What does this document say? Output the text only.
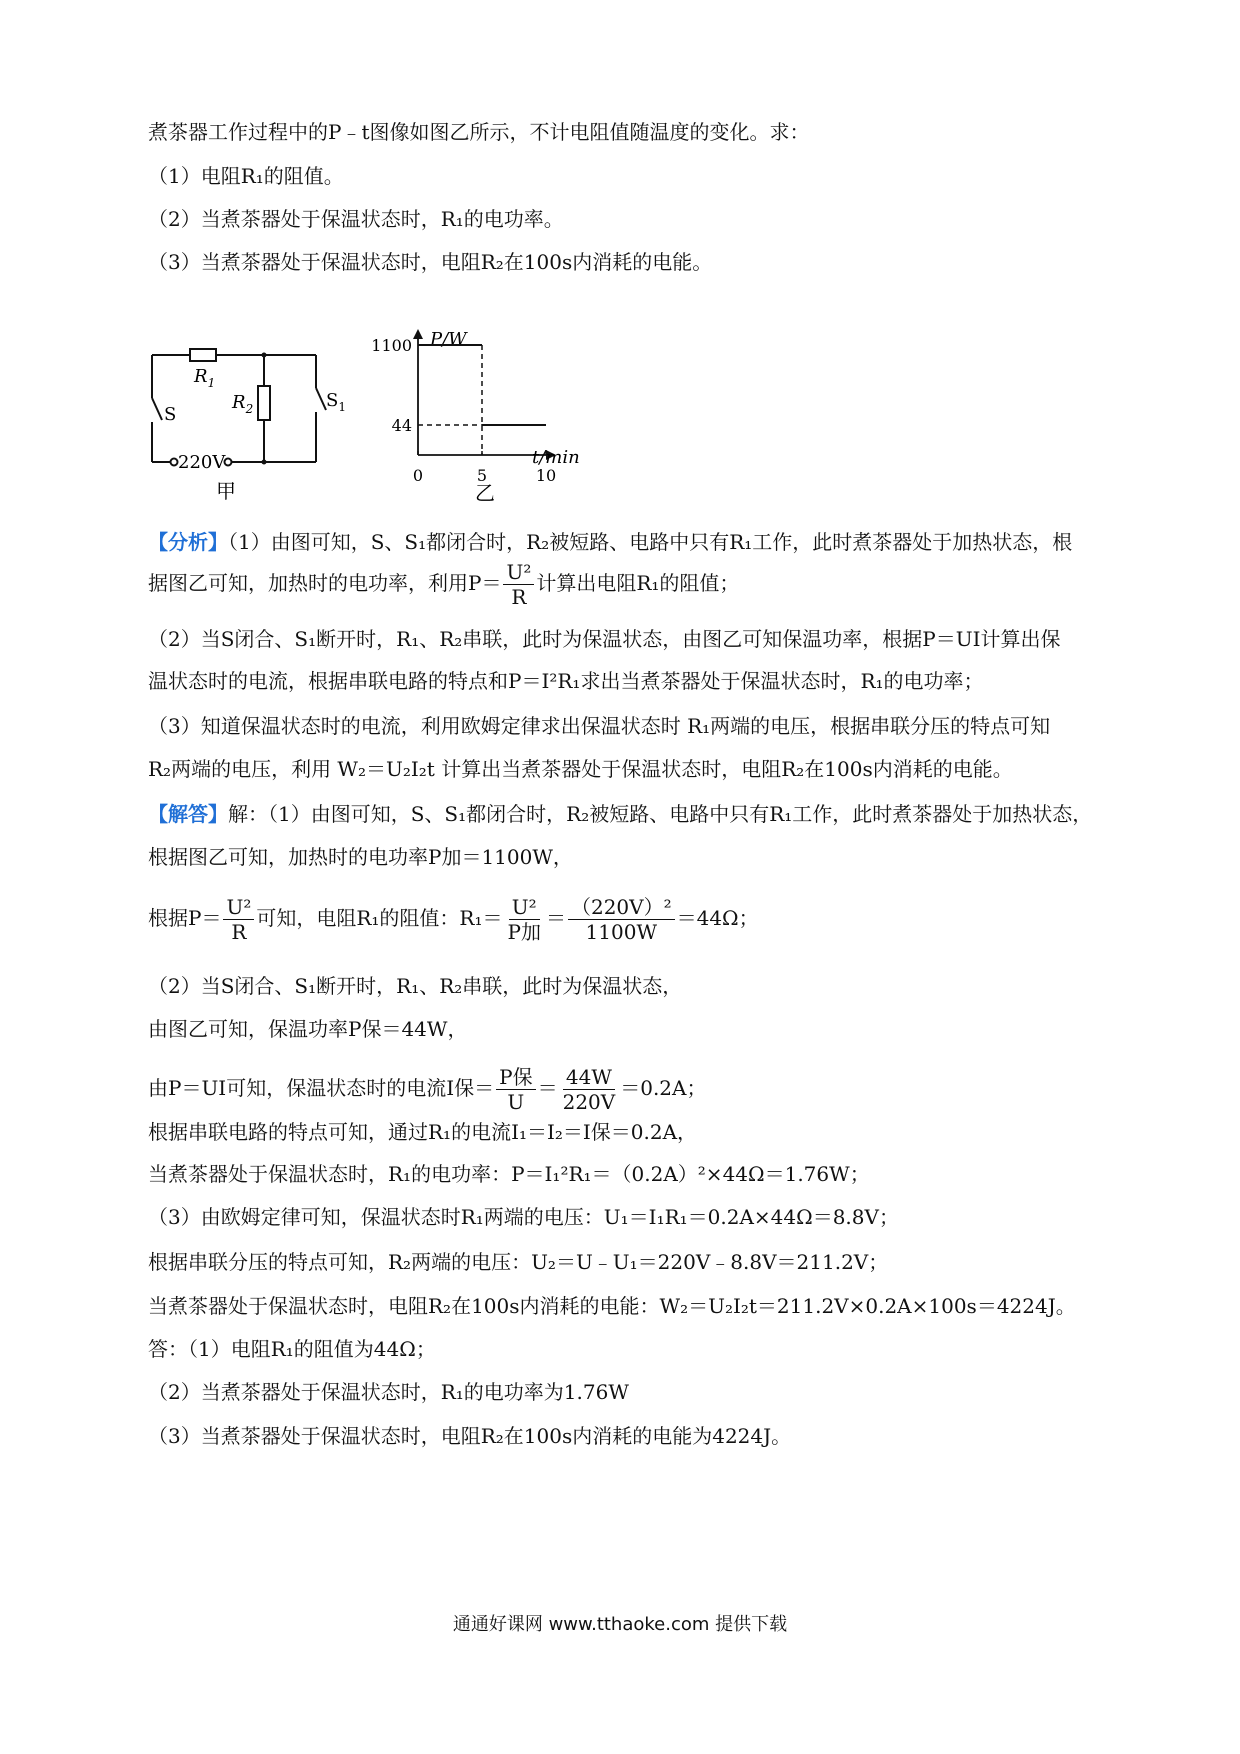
煮茶器工作过程中的P﹣t图像如图乙所示，不计电阻值随温度的变化。求：
（1）电阻R₁的阻值。
（2）当煮茶器处于保温状态时，R₁的电功率。
（3）当煮茶器处于保温状态时，电阻R₂在100s内消耗的电能。
$R_1$
$R_2$
S
$S_1$
220V
甲
P/W
t/min
44
1100
0	5	10
乙
【分析】（1）由图可知，S、S₁都闭合时，R₂被短路、电路中只有R₁工作，此时煮茶器处于加热状态，根
据图乙可知，加热时的电功率，利用$P= \frac{\text{U²}}{R}$ 计算出电阻R₁的阻值；
（2）当S闭合、S₁断开时，R₁、R₂串联，此时为保温状态，由图乙可知保温功率，根据P＝UI计算出保
温状态时的电流，根据串联电路的特点和P＝I²R₁求出当煮茶器处于保温状态时，R₁的电功率；
（3）知道保温状态时的电流，利用欧姆定律求出保温状态时 R₁两端的电压，根据串联分压的特点可知
R₂两端的电压，利用 W₂＝U₂I₂t 计算出当煮茶器处于保温状态时，电阻R₂在100s内消耗的电能。
【解答】解：（1）由图可知，S、S₁都闭合时，R₂被短路、电路中只有R₁工作，此时煮茶器处于加热状态，
根据图乙可知，加热时的电功率P加＝1100W，
根据$P= \frac{\text{U²}}{R}$ 可知，电阻R₁的阻值：$R_1= \frac{\text{U²}}{\text{P加}} = \frac{\text{（220V）²}}{1100W} =44\Omega$；
（2）当S闭合、S₁断开时，R₁、R₂串联，此时为保温状态，
由图乙可知，保温功率P保＝44W，
由P＝UI可知，保温状态时的电流I保＝ $\frac{\text{P保}}{U} = \frac{44W}{220V} =0.2A$；
根据串联电路的特点可知，通过R₁的电流I₁＝I₂＝I保＝0.2A，
当煮茶器处于保温状态时，R₁的电功率：P＝I₁²R₁＝（0.2A）²×44Ω＝1.76W；
（3）由欧姆定律可知，保温状态时R₁两端的电压：U₁＝I₁R₁＝0.2A×44Ω＝8.8V；
根据串联分压的特点可知，R₂两端的电压：U₂＝U﹣U₁＝220V﹣8.8V＝211.2V；
当煮茶器处于保温状态时，电阻R₂在100s内消耗的电能：W₂＝U₂I₂t＝211.2V×0.2A×100s＝4224J。
答：（1）电阻R₁的阻值为44Ω；
（2）当煮茶器处于保温状态时，R₁的电功率为1.76W
（3）当煮茶器处于保温状态时，电阻R₂在100s内消耗的电能为4224J。
通通好课网 www.tthaoke.com 提供下载
